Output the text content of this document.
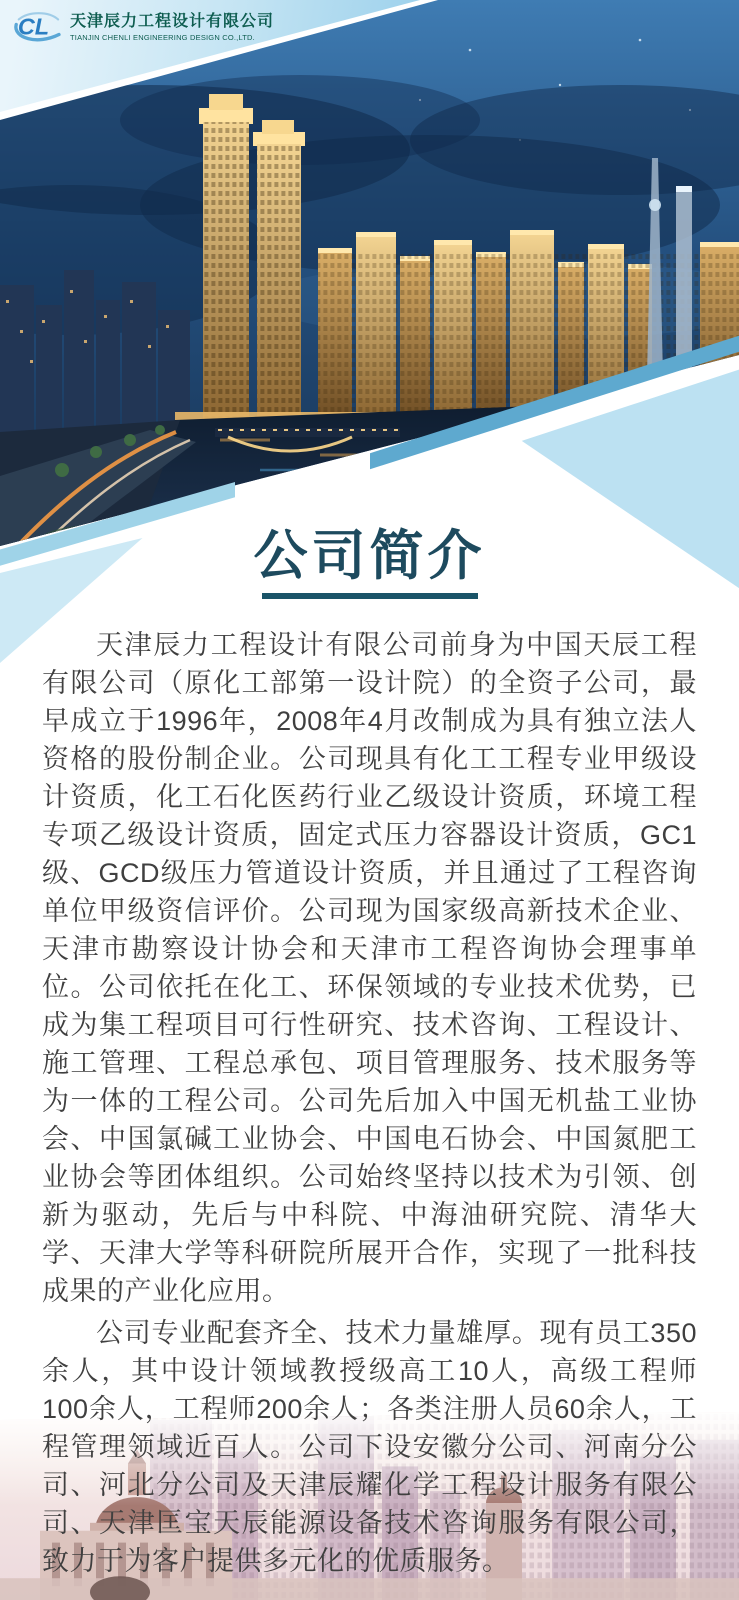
CL 天津辰力工程设计有限公司
TIANJIN CHENLI ENGINEERING DESIGN CO.,LTD.
公司简介

天津辰力工程设计有限公司前身为中国天辰工程有限公司（原化工部第一设计院）的全资子公司，最早成立于1996年，2008年4月改制成为具有独立法人资格的股份制企业。公司现具有化工工程专业甲级设计资质，化工石化医药行业乙级设计资质，环境工程专项乙级设计资质，固定式压力容器设计资质，GC1级、GCD级压力管道设计资质，并且通过了工程咨询单位甲级资信评价。公司现为国家级高新技术企业、天津市勘察设计协会和天津市工程咨询协会理事单位。公司依托在化工、环保领域的专业技术优势，已成为集工程项目可行性研究、技术咨询、工程设计、施工管理、工程总承包、项目管理服务、技术服务等为一体的工程公司。公司先后加入中国无机盐工业协会、中国氯碱工业协会、中国电石协会、中国氮肥工业协会等团体组织。公司始终坚持以技术为引领、创新为驱动，先后与中科院、中海油研究院、清华大学、天津大学等科研院所展开合作，实现了一批科技成果的产业化应用。

公司专业配套齐全、技术力量雄厚。现有员工350余人，其中设计领域教授级高工10人，高级工程师100余人，工程师200余人；各类注册人员60余人，工程管理领域近百人。公司下设安徽分公司、河南分公司、河北分公司及天津辰耀化学工程设计服务有限公司、天津匡宝天辰能源设备技术咨询服务有限公司，致力于为客户提供多元化的优质服务。
